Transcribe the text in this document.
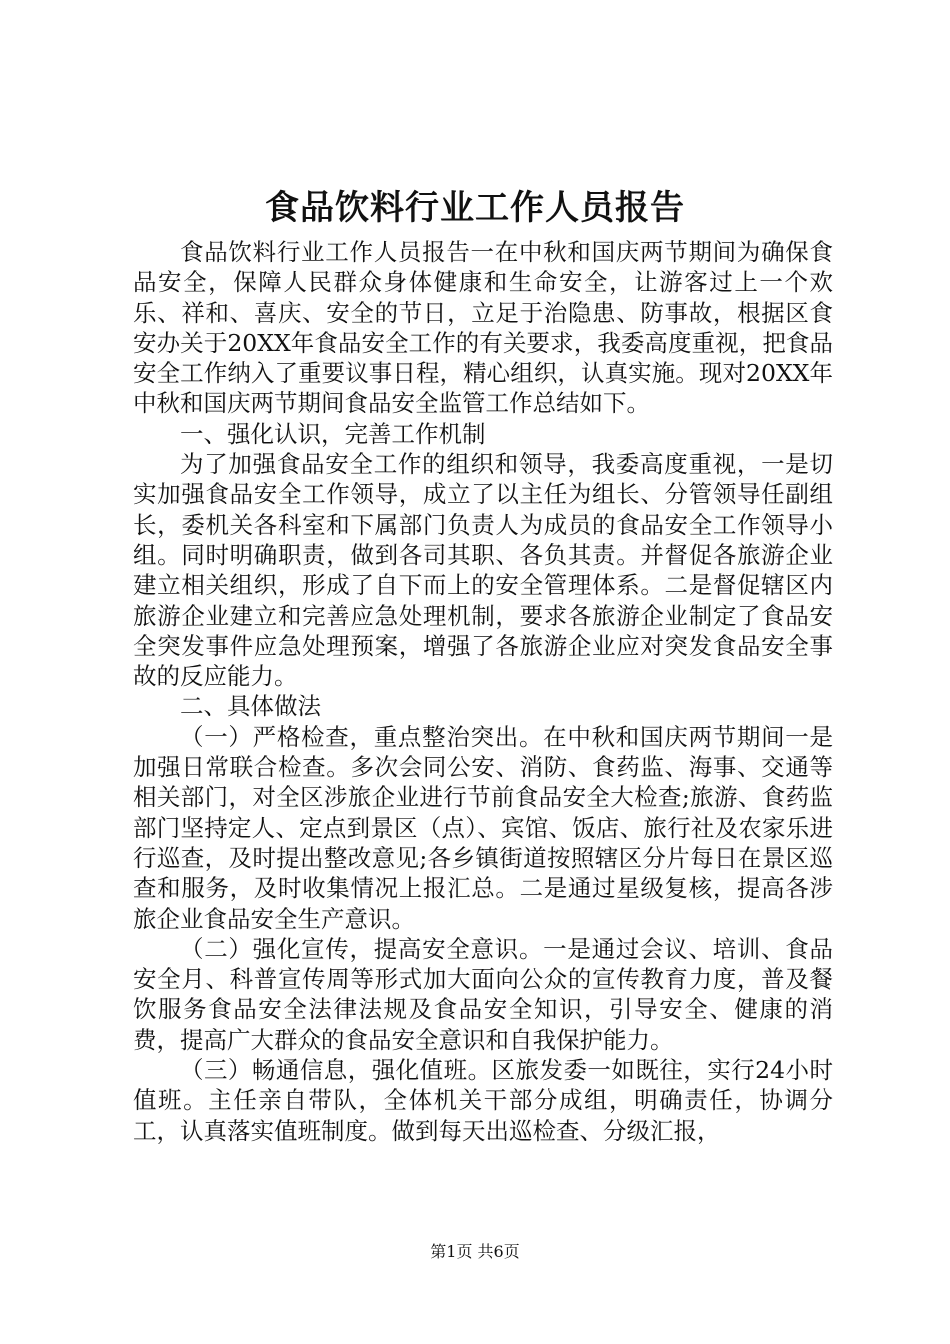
食品饮料行业工作人员报告

食品饮料行业工作人员报告一在中秋和国庆两节期间为确保食品安全，保障人民群众身体健康和生命安全，让游客过上一个欢乐、祥和、喜庆、安全的节日，立足于治隐患、防事故，根据区食安办关于20XX年食品安全工作的有关要求，我委高度重视，把食品安全工作纳入了重要议事日程，精心组织，认真实施。现对20XX年中秋和国庆两节期间食品安全监管工作总结如下。

一、强化认识，完善工作机制

为了加强食品安全工作的组织和领导，我委高度重视，一是切实加强食品安全工作领导，成立了以主任为组长、分管领导任副组长，委机关各科室和下属部门负责人为成员的食品安全工作领导小组。同时明确职责，做到各司其职、各负其责。并督促各旅游企业建立相关组织，形成了自下而上的安全管理体系。二是督促辖区内旅游企业建立和完善应急处理机制，要求各旅游企业制定了食品安全突发事件应急处理预案，增强了各旅游企业应对突发食品安全事故的反应能力。

二、具体做法

（一）严格检查，重点整治突出。在中秋和国庆两节期间一是加强日常联合检查。多次会同公安、消防、食药监、海事、交通等相关部门，对全区涉旅企业进行节前食品安全大检查;旅游、食药监部门坚持定人、定点到景区（点）、宾馆、饭店、旅行社及农家乐进行巡查，及时提出整改意见;各乡镇街道按照辖区分片每日在景区巡查和服务，及时收集情况上报汇总。二是通过星级复核，提高各涉旅企业食品安全生产意识。

（二）强化宣传，提高安全意识。一是通过会议、培训、食品安全月、科普宣传周等形式加大面向公众的宣传教育力度，普及餐饮服务食品安全法律法规及食品安全知识，引导安全、健康的消费，提高广大群众的食品安全意识和自我保护能力。

（三）畅通信息，强化值班。区旅发委一如既往，实行24小时值班。主任亲自带队，全体机关干部分成组，明确责任，协调分工，认真落实值班制度。做到每天出巡检查、分级汇报，

第1页 共6页
